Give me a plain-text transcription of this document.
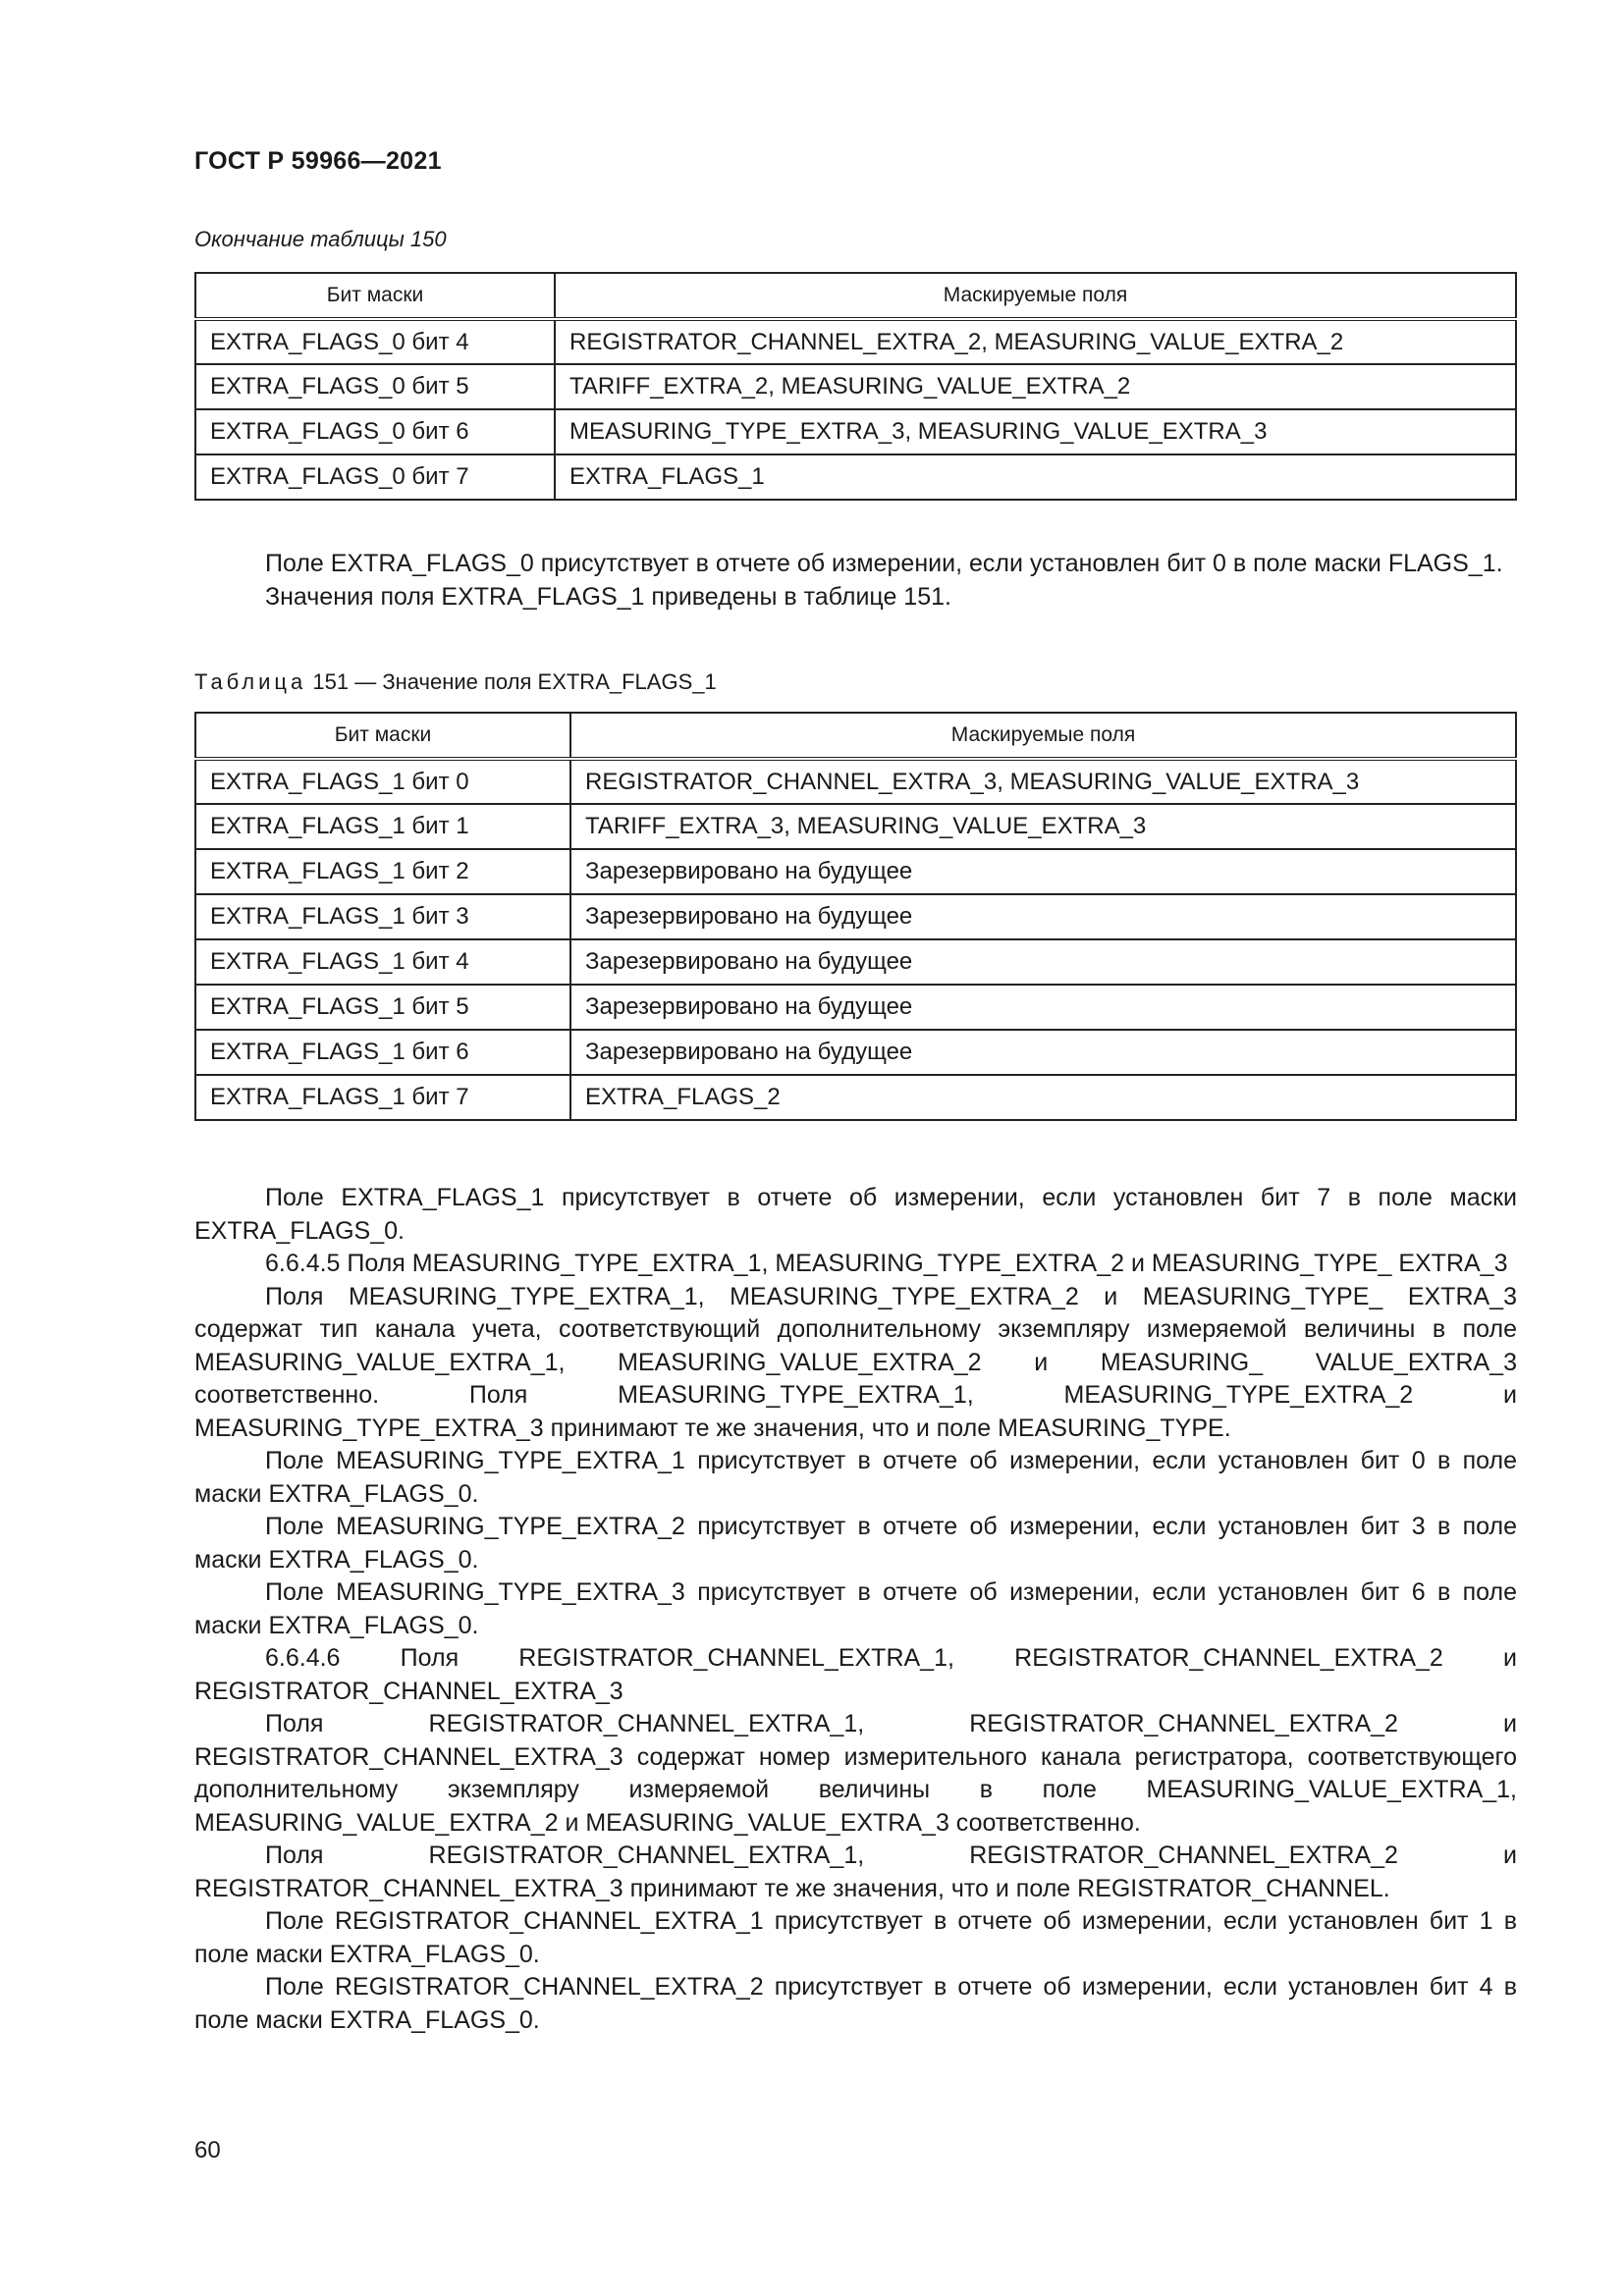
ГОСТ Р 59966—2021
Окончание таблицы 150
Бит маски	Маскируемые поля
EXTRA_FLAGS_0 бит 4	REGISTRATOR_CHANNEL_EXTRA_2, MEASURING_VALUE_EXTRA_2
EXTRA_FLAGS_0 бит 5	TARIFF_EXTRA_2, MEASURING_VALUE_EXTRA_2
EXTRA_FLAGS_0 бит 6	MEASURING_TYPE_EXTRA_3, MEASURING_VALUE_EXTRA_3
EXTRA_FLAGS_0 бит 7	EXTRA_FLAGS_1

Поле EXTRA_FLAGS_0 присутствует в отчете об измерении, если установлен бит 0 в поле маски FLAGS_1.

Значения поля EXTRA_FLAGS_1 приведены в таблице 151.

Таблица 151 — Значение поля EXTRA_FLAGS_1
Бит маски	Маскируемые поля
EXTRA_FLAGS_1 бит 0	REGISTRATOR_CHANNEL_EXTRA_3, MEASURING_VALUE_EXTRA_3
EXTRA_FLAGS_1 бит 1	TARIFF_EXTRA_3, MEASURING_VALUE_EXTRA_3
EXTRA_FLAGS_1 бит 2	Зарезервировано на будущее
EXTRA_FLAGS_1 бит 3	Зарезервировано на будущее
EXTRA_FLAGS_1 бит 4	Зарезервировано на будущее
EXTRA_FLAGS_1 бит 5	Зарезервировано на будущее
EXTRA_FLAGS_1 бит 6	Зарезервировано на будущее
EXTRA_FLAGS_1 бит 7	EXTRA_FLAGS_2

Поле EXTRA_FLAGS_1 присутствует в отчете об измерении, если установлен бит 7 в поле маски EXTRA_FLAGS_0.

6.6.4.5 Поля MEASURING_TYPE_EXTRA_1, MEASURING_TYPE_EXTRA_2 и MEASURING_TYPE_ EXTRA_3

Поля MEASURING_TYPE_EXTRA_1, MEASURING_TYPE_EXTRA_2 и MEASURING_TYPE_ EXTRA_3 содержат тип канала учета, соответствующий дополнительному экземпляру измеряемой величины в поле MEASURING_VALUE_EXTRA_1, MEASURING_VALUE_EXTRA_2 и MEASURING_ VALUE_EXTRA_3 соответственно. Поля MEASURING_TYPE_EXTRA_1, MEASURING_TYPE_EXTRA_2 и MEASURING_TYPE_EXTRA_3 принимают те же значения, что и поле MEASURING_TYPE.

Поле MEASURING_TYPE_EXTRA_1 присутствует в отчете об измерении, если установлен бит 0 в поле маски EXTRA_FLAGS_0.

Поле MEASURING_TYPE_EXTRA_2 присутствует в отчете об измерении, если установлен бит 3 в поле маски EXTRA_FLAGS_0.

Поле MEASURING_TYPE_EXTRA_3 присутствует в отчете об измерении, если установлен бит 6 в поле маски EXTRA_FLAGS_0.

6.6.4.6 Поля REGISTRATOR_CHANNEL_EXTRA_1, REGISTRATOR_CHANNEL_EXTRA_2 и REGISTRATOR_CHANNEL_EXTRA_3

Поля REGISTRATOR_CHANNEL_EXTRA_1, REGISTRATOR_CHANNEL_EXTRA_2 и REGISTRATOR_CHANNEL_EXTRA_3 содержат номер измерительного канала регистратора, соответствующего дополнительному экземпляру измеряемой величины в поле MEASURING_VALUE_EXTRA_1, MEASURING_VALUE_EXTRA_2 и MEASURING_VALUE_EXTRA_3 соответственно.

Поля REGISTRATOR_CHANNEL_EXTRA_1, REGISTRATOR_CHANNEL_EXTRA_2 и REGISTRATOR_CHANNEL_EXTRA_3 принимают те же значения, что и поле REGISTRATOR_CHANNEL.

Поле REGISTRATOR_CHANNEL_EXTRA_1 присутствует в отчете об измерении, если установлен бит 1 в поле маски EXTRA_FLAGS_0.

Поле REGISTRATOR_CHANNEL_EXTRA_2 присутствует в отчете об измерении, если установлен бит 4 в поле маски EXTRA_FLAGS_0.

60
